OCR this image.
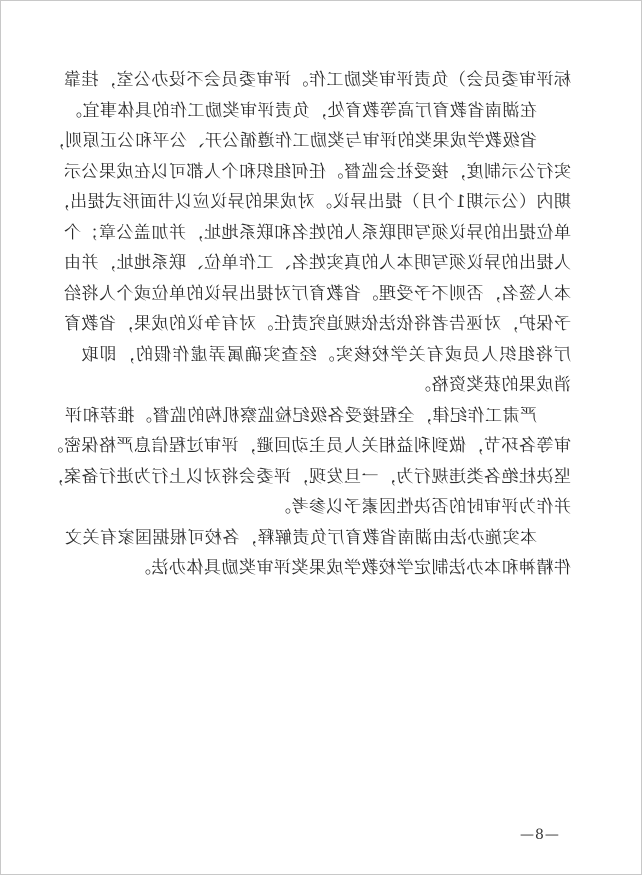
标评审委员会）负责评审奖励工作。评审委员会不设办公室，挂靠
在湖南省教育厅高等教育处，负责评审奖励工作的具体事宜。
省级教学成果奖的评审与奖励工作遵循公开、公平和公正原则，
实行公示制度，接受社会监督。任何组织和个人都可以在成果公示
期内（公示期1个月）提出异议。对成果的异议应以书面形式提出，
单位提出的异议须写明联系人的姓名和联系地址，并加盖公章；个
人提出的异议须写明本人的真实姓名、工作单位、联系地址，并由
本人签名，否则不予受理。省教育厅对提出异议的单位或个人将给
予保护，对诬告者将依法依规追究责任。对有争议的成果，省教育
厅将组织人员或有关学校核实。经查实确属弄虚作假的，即取
消成果的获奖资格。
严肃工作纪律，全程接受各级纪检监察机构的监督。推荐和评
审等各环节，做到利益相关人员主动回避，评审过程信息严格保密。
坚决杜绝各类违规行为，一旦发现，评委会将对以上行为进行备案，
并作为评审时的否决性因素予以参考。
本实施办法由湖南省教育厅负责解释，各校可根据国家有关文
件精神和本办法制定学校教学成果奖评审奖励具体办法。
—8—
